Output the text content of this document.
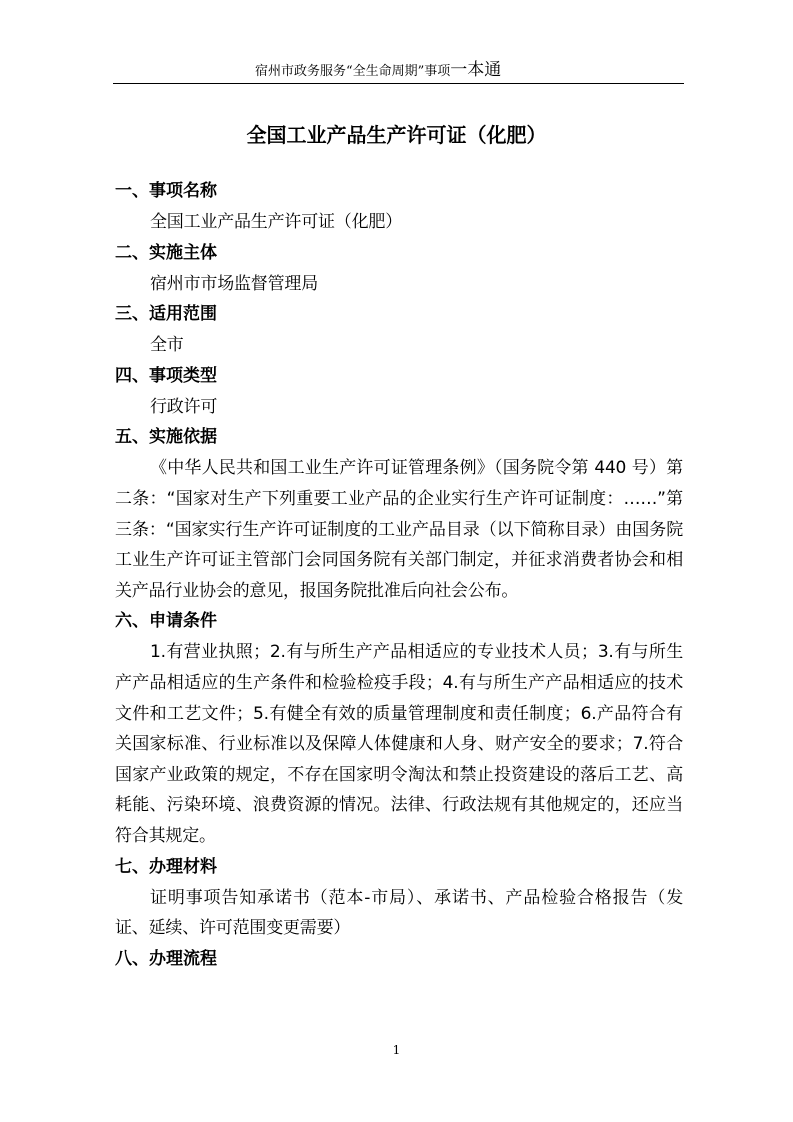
宿州市政务服务“全生命周期”事项一本通
全国工业产品生产许可证（化肥）
一、事项名称
全国工业产品生产许可证（化肥）
二、实施主体
宿州市市场监督管理局
三、适用范围
全市
四、事项类型
行政许可
五、实施依据
《中华人民共和国工业生产许可证管理条例》（国务院令第 440 号）第二条：“国家对生产下列重要工业产品的企业实行生产许可证制度：……”第三条：“国家实行生产许可证制度的工业产品目录（以下简称目录）由国务院工业生产许可证主管部门会同国务院有关部门制定，并征求消费者协会和相关产品行业协会的意见，报国务院批准后向社会公布。
六、申请条件
1.有营业执照；2.有与所生产产品相适应的专业技术人员；3.有与所生产产品相适应的生产条件和检验检疫手段；4.有与所生产产品相适应的技术文件和工艺文件；5.有健全有效的质量管理制度和责任制度；6.产品符合有关国家标准、行业标准以及保障人体健康和人身、财产安全的要求；7.符合国家产业政策的规定，不存在国家明令淘汰和禁止投资建设的落后工艺、高耗能、污染环境、浪费资源的情况。法律、行政法规有其他规定的，还应当符合其规定。
七、办理材料
证明事项告知承诺书（范本-市局）、承诺书、产品检验合格报告（发证、延续、许可范围变更需要）
八、办理流程
1
